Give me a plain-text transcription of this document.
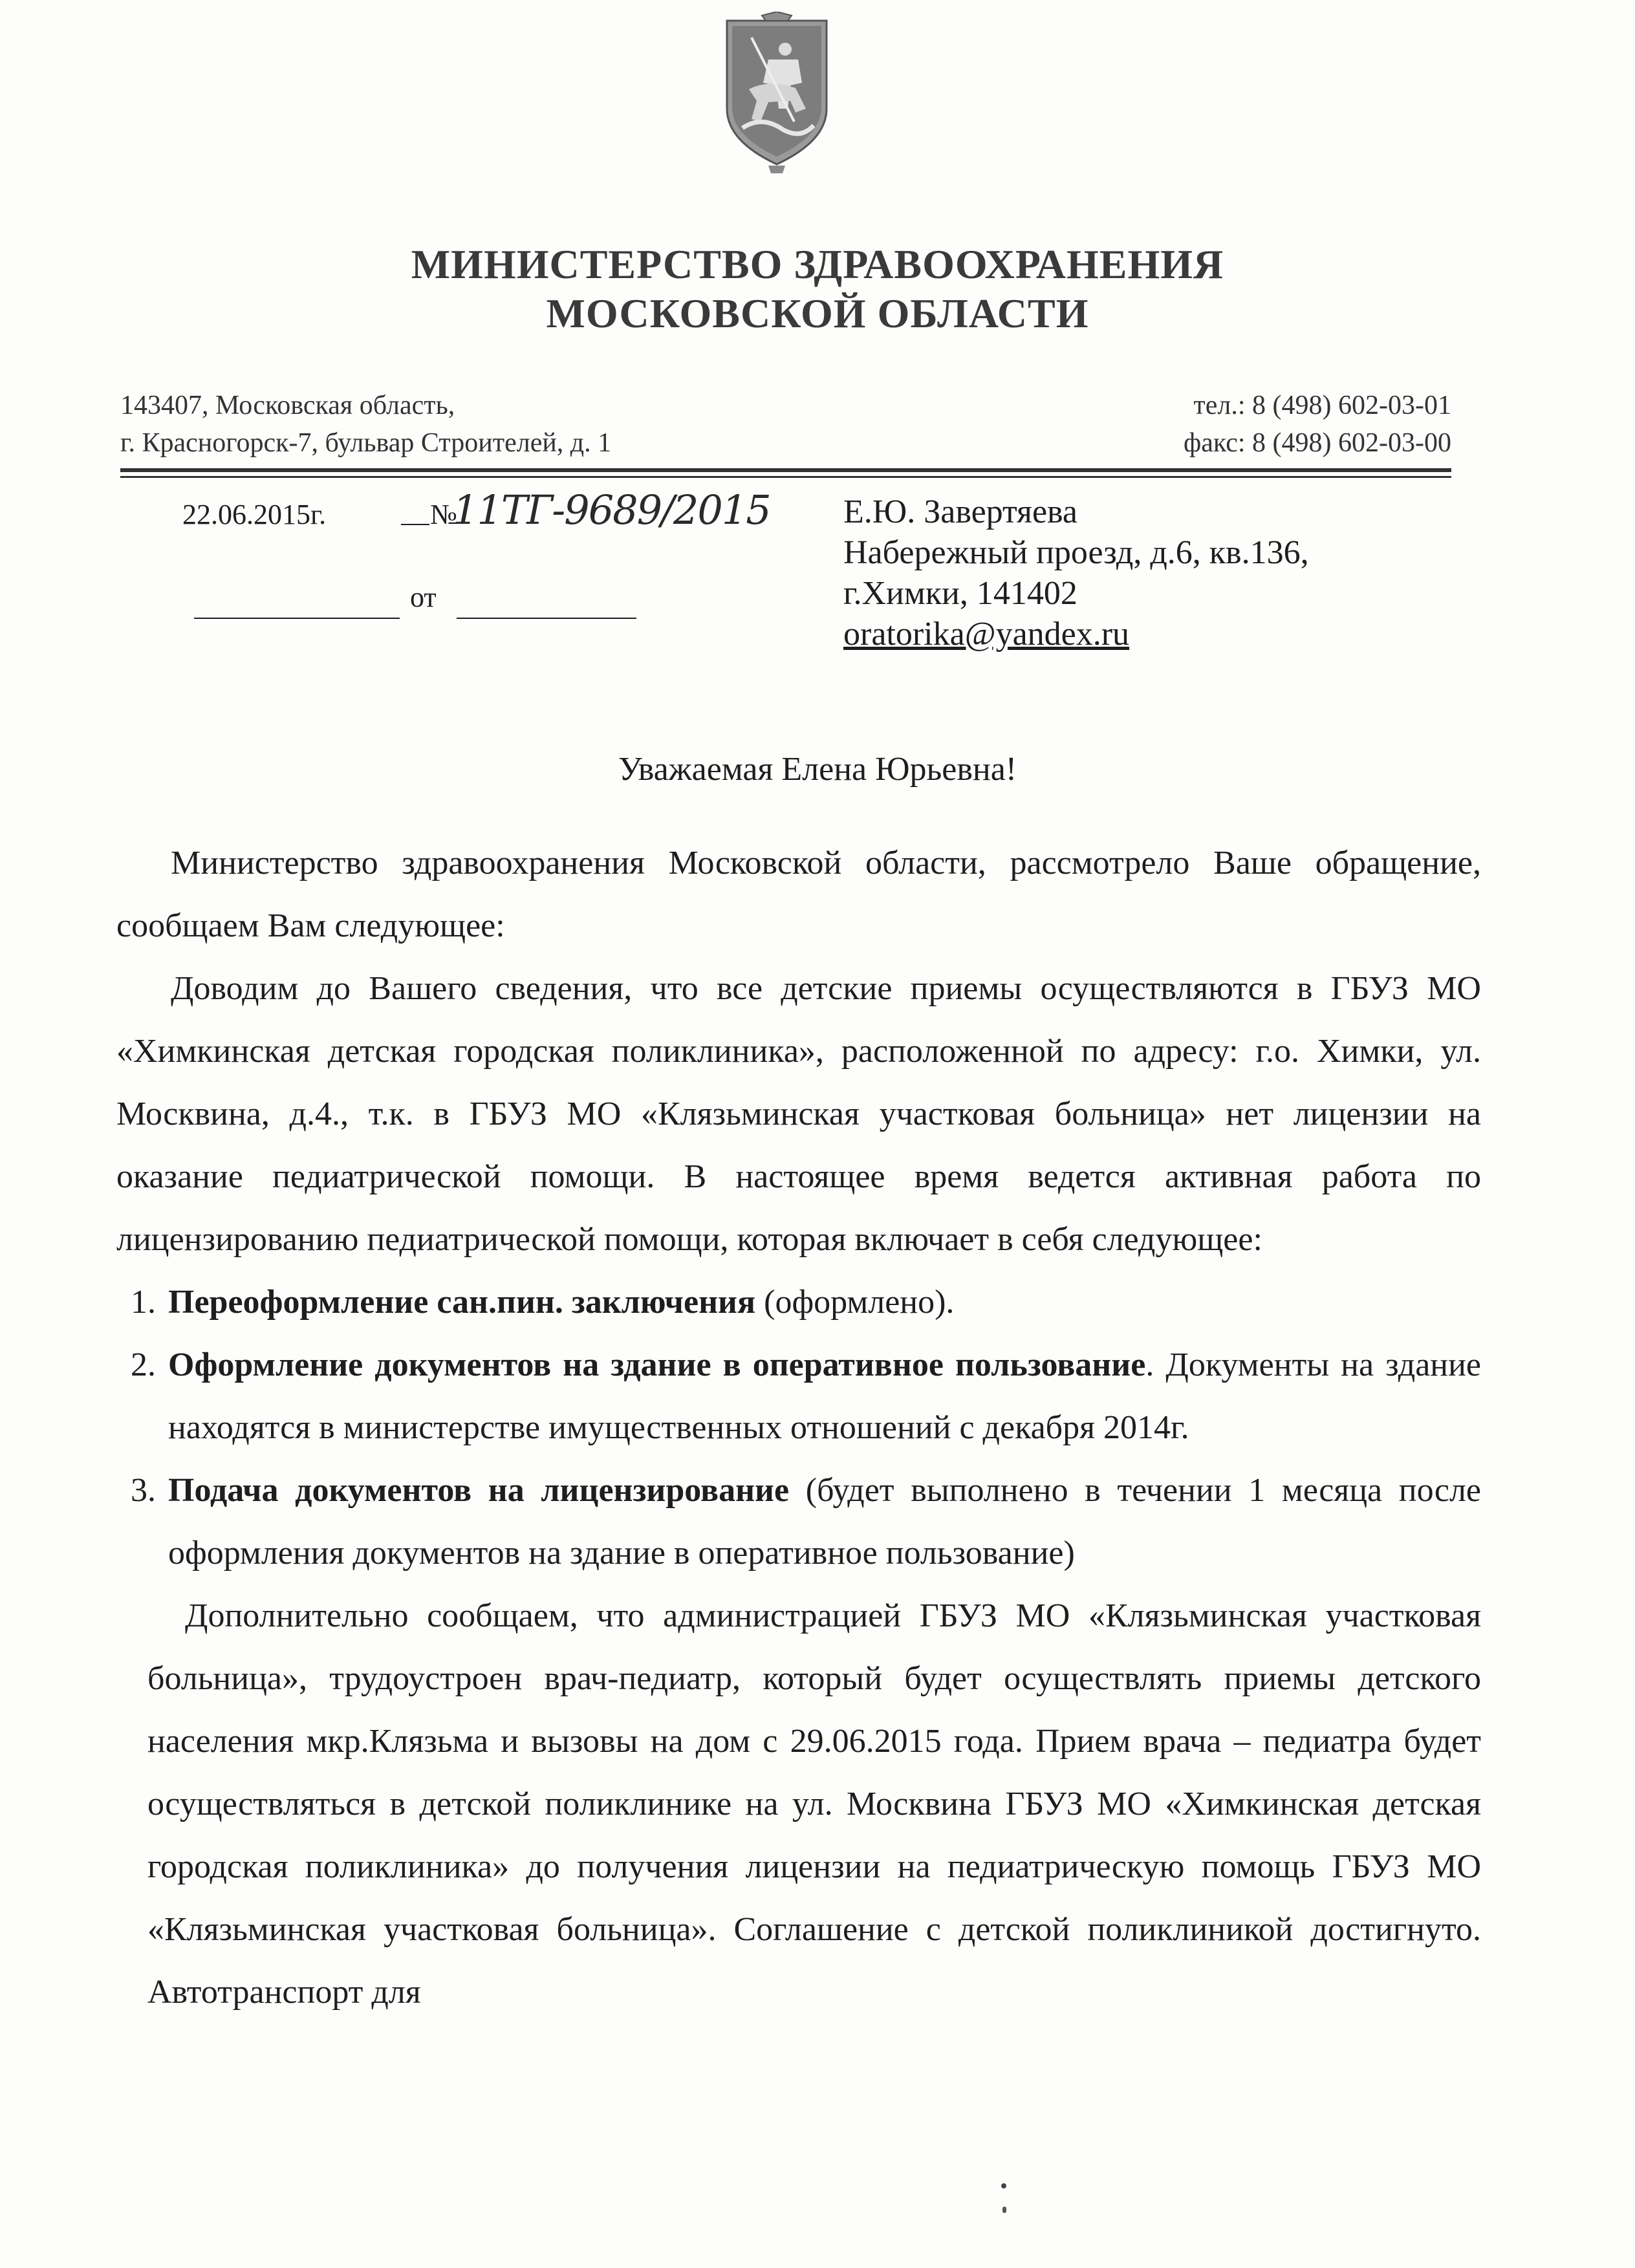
МИНИСТЕРСТВО ЗДРАВООХРАНЕНИЯ
МОСКОВСКОЙ ОБЛАСТИ
143407, Московская область,
г. Красногорск-7, бульвар Строителей, д. 1
тел.: 8 (498) 602-03-01
факс: 8 (498) 602-03-00
22.06.2015г.	№
11ТГ-9689/2015
от
Е.Ю. Завертяева
Набережный проезд, д.6, кв.136,
г.Химки, 141402
oratorika@yandex.ru
Уважаемая Елена Юрьевна!

Министерство здравоохранения Московской области, рассмотрело Ваше обращение, сообщаем Вам следующее:

Доводим до Вашего сведения, что все детские приемы осуществляются в ГБУЗ МО «Химкинская детская городская поликлиника», расположенной по адресу: г.о. Химки, ул. Москвина, д.4., т.к. в ГБУЗ МО «Клязьминская участковая больница» нет лицензии на оказание педиатрической помощи. В настоящее время ведется активная работа по лицензированию педиатрической помощи, которая включает в себя следующее:

1. Переоформление сан.пин. заключения (оформлено).
2. Оформление документов на здание в оперативное пользование. Документы на здание находятся в министерстве имущественных отношений с декабря 2014г.
3. Подача документов на лицензирование (будет выполнено в течении 1 месяца после оформления документов на здание в оперативное пользование)

Дополнительно сообщаем, что администрацией ГБУЗ МО «Клязьминская участковая больница», трудоустроен врач-педиатр, который будет осуществлять приемы детского населения мкр.Клязьма и вызовы на дом с 29.06.2015 года. Прием врача – педиатра будет осуществляться в детской поликлинике на ул. Москвина ГБУЗ МО «Химкинская детская городская поликлиника» до получения лицензии на педиатрическую помощь ГБУЗ МО «Клязьминская участковая больница». Соглашение с детской поликлиникой достигнуто. Автотранспорт для
